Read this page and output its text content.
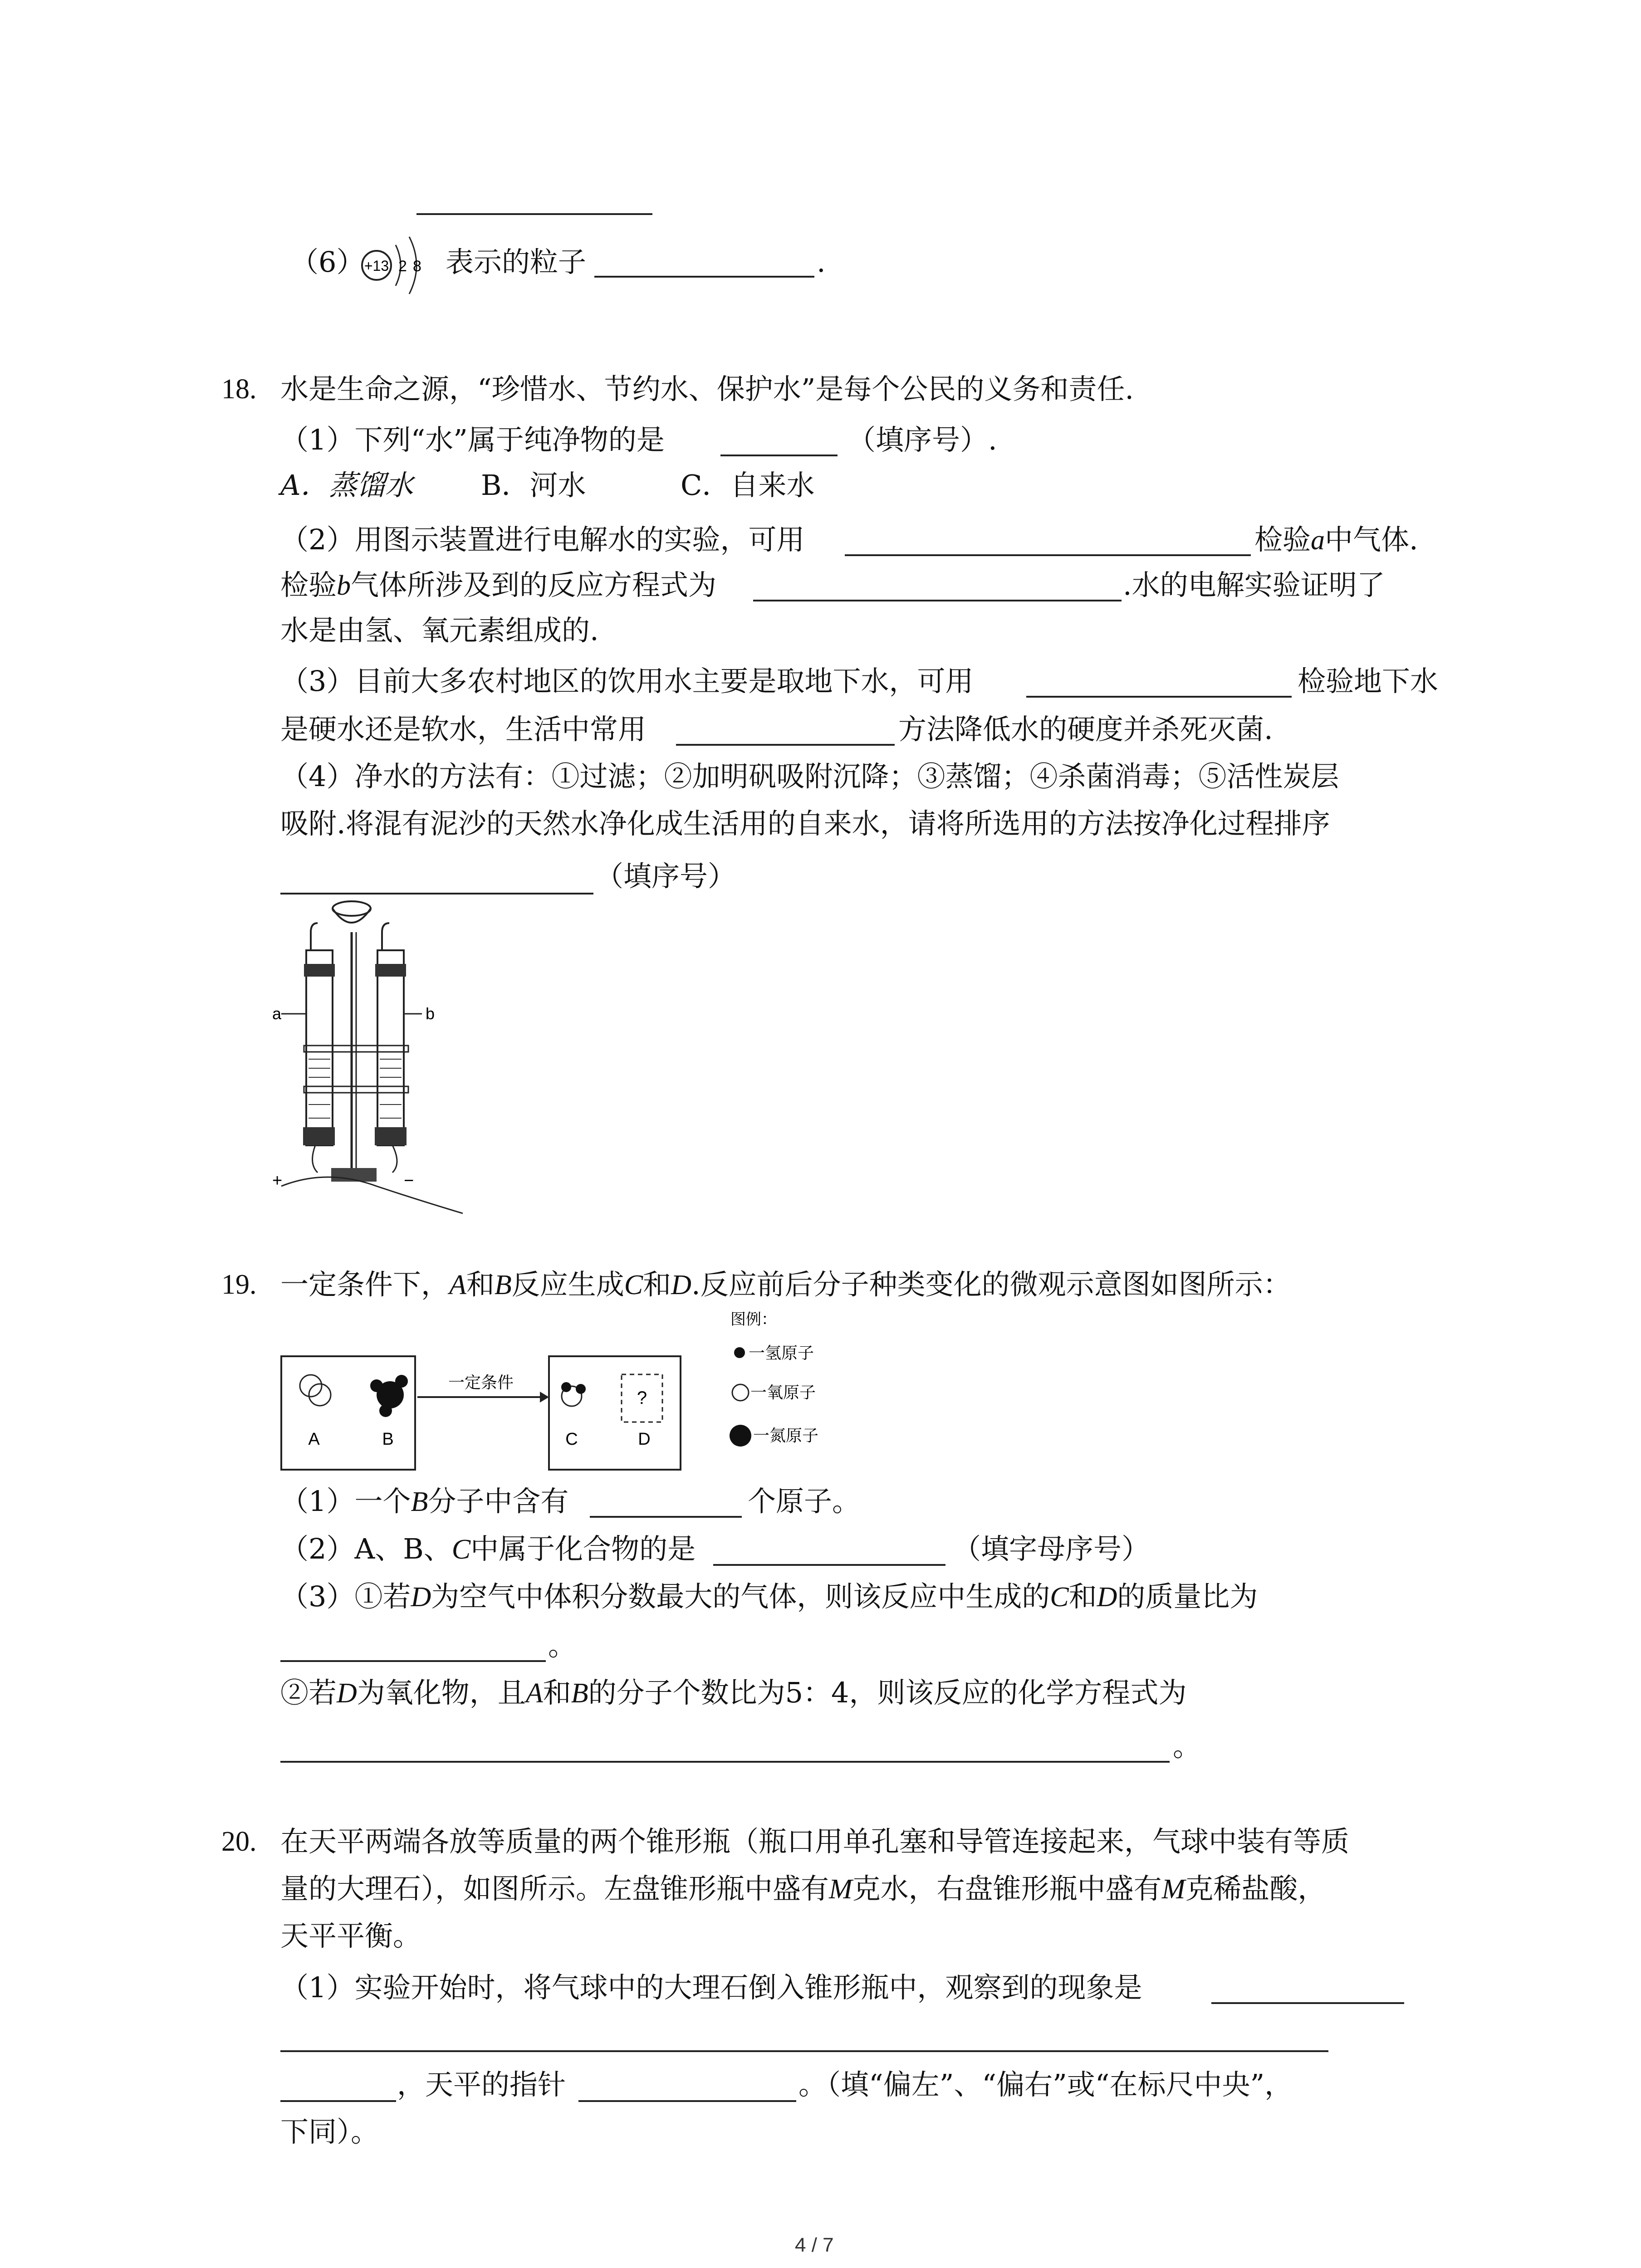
（6） +13 2 8 表示的粒子	.
18. 水是生命之源，“珍惜水、节约水、保护水”是每个公民的义务和责任.
（1）下列“水”属于纯净物的是	（填序号）.
A．蒸馏水 B．河水	C．自来水
（2）用图示装置进行电解水的实验，可用	检验a中气体.
检验b气体所涉及到的反应方程式为	.水的电解实验证明了
水是由氢、氧元素组成的.
（3）目前大多农村地区的饮用水主要是取地下水，可用	检验地下水
是硬水还是软水，生活中常用	方法降低水的硬度并杀死灭菌.
（4）净水的方法有：①过滤；②加明矾吸附沉降；③蒸馏；④杀菌消毒；⑤活性炭层
吸附.将混有泥沙的天然水净化成生活用的自来水，请将所选用的方法按净化过程排序
（填序号）
a	b
+	−
19. 一定条件下，A和B反应生成C和D.反应前后分子种类变化的微观示意图如图所示：
A	B
一定条件
?
C	D
图例：
一氢原子
一氧原子
一氮原子
（1）一个B分子中含有	个原子。
（2）A、B、C中属于化合物的是	（填字母序号）
（3）①若D为空气中体积分数最大的气体，则该反应中生成的C和D的质量比为
。
②若D为氧化物，且A和B的分子个数比为5：4，则该反应的化学方程式为
。
20. 在天平两端各放等质量的两个锥形瓶（瓶口用单孔塞和导管连接起来，气球中装有等质
量的大理石），如图所示。左盘锥形瓶中盛有M克水，右盘锥形瓶中盛有M克稀盐酸，
天平平衡。
（1）实验开始时，将气球中的大理石倒入锥形瓶中，观察到的现象是
，天平的指针	。（填“偏左”、“偏右”或“在标尺中央”，
下同）。
4 / 7
